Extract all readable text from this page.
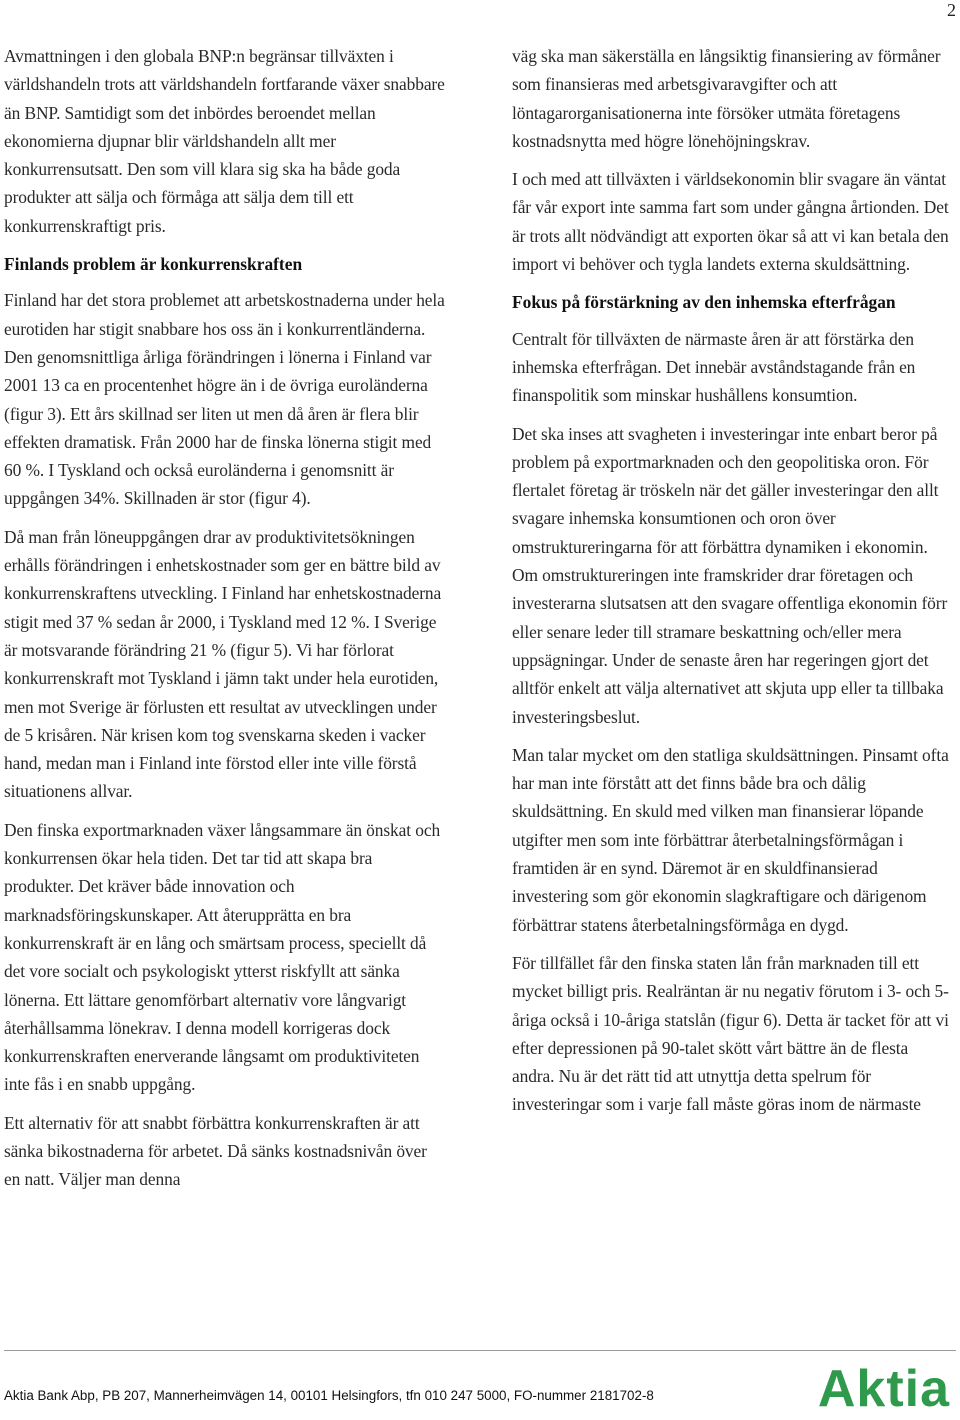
2

Avmattningen i den globala BNP:n begränsar tillväxten i världshandeln trots att världshandeln fortfarande växer snabbare än BNP. Samtidigt som det inbördes beroendet mellan ekonomierna djupnar blir världshandeln allt mer konkurrensutsatt. Den som vill klara sig ska ha både goda produkter att sälja och förmåga att sälja dem till ett konkurrenskraftigt pris.

Finlands problem är konkurrenskraften

Finland har det stora problemet att arbetskostnaderna under hela eurotiden har stigit snabbare hos oss än i konkurrentländerna. Den genomsnittliga årliga förändringen i lönerna i Finland var 2001 13 ca en procentenhet högre än i de övriga euroländerna (figur 3). Ett års skillnad ser liten ut men då åren är flera blir effekten dramatisk. Från 2000 har de finska lönerna stigit med 60 %. I Tyskland och också euroländerna i genomsnitt är uppgången 34%. Skillnaden är stor (figur 4).

Då man från löneuppgången drar av produktivitetsökningen erhålls förändringen i enhetskostnader som ger en bättre bild av konkurrenskraftens utveckling. I Finland har enhetskostnaderna stigit med 37 % sedan år 2000, i Tyskland med 12 %. I Sverige är motsvarande förändring 21 % (figur 5). Vi har förlorat konkurrenskraft mot Tyskland i jämn takt under hela eurotiden, men mot Sverige är förlusten ett resultat av utvecklingen under de 5 krisåren. När krisen kom tog svenskarna skeden i vacker hand, medan man i Finland inte förstod eller inte ville förstå situationens allvar.

Den finska exportmarknaden växer långsammare än önskat och konkurrensen ökar hela tiden. Det tar tid att skapa bra produkter. Det kräver både innovation och marknadsföringskunskaper. Att återupprätta en bra konkurrenskraft är en lång och smärtsam process, speciellt då det vore socialt och psykologiskt ytterst riskfyllt att sänka lönerna. Ett lättare genomförbart alternativ vore långvarigt återhållsamma lönekrav. I denna modell korrigeras dock konkurrenskraften enerverande långsamt om produktiviteten inte fås i en snabb uppgång.

Ett alternativ för att snabbt förbättra konkurrenskraften är att sänka bikostnaderna för arbetet. Då sänks kostnadsnivån över en natt. Väljer man denna

väg ska man säkerställa en långsiktig finansiering av förmåner som finansieras med arbetsgivaravgifter och att löntagarorganisationerna inte försöker utmäta företagens kostnadsnytta med högre lönehöjningskrav.

I och med att tillväxten i världsekonomin blir svagare än väntat får vår export inte samma fart som under gångna årtionden. Det är trots allt nödvändigt att exporten ökar så att vi kan betala den import vi behöver och tygla landets externa skuldsättning.

Fokus på förstärkning av den inhemska efterfrågan

Centralt för tillväxten de närmaste åren är att förstärka den inhemska efterfrågan. Det innebär avståndstagande från en finanspolitik som minskar hushållens konsumtion.

Det ska inses att svagheten i investeringar inte enbart beror på problem på exportmarknaden och den geopolitiska oron. För flertalet företag är tröskeln när det gäller investeringar den allt svagare inhemska konsumtionen och oron över omstruktureringarna för att förbättra dynamiken i ekonomin. Om omstruktureringen inte framskrider drar företagen och investerarna slutsatsen att den svagare offentliga ekonomin förr eller senare leder till stramare beskattning och/eller mera uppsägningar. Under de senaste åren har regeringen gjort det alltför enkelt att välja alternativet att skjuta upp eller ta tillbaka investeringsbeslut.

Man talar mycket om den statliga skuldsättningen. Pinsamt ofta har man inte förstått att det finns både bra och dålig skuldsättning. En skuld med vilken man finansierar löpande utgifter men som inte förbättrar återbetalningsförmågan i framtiden är en synd. Däremot är en skuldfinansierad investering som gör ekonomin slagkraftigare och därigenom förbättrar statens återbetalningsförmåga en dygd.

För tillfället får den finska staten lån från marknaden till ett mycket billigt pris. Realräntan är nu negativ förutom i 3- och 5-åriga också i 10-åriga statslån (figur 6). Detta är tacket för att vi efter depressionen på 90-talet skött vårt bättre än de flesta andra. Nu är det rätt tid att utnyttja detta spelrum för investeringar som i varje fall måste göras inom de närmaste

Aktia Bank Abp, PB 207, Mannerheimvägen 14, 00101 Helsingfors, tfn 010 247 5000, FO-nummer 2181702-8	Aktia
